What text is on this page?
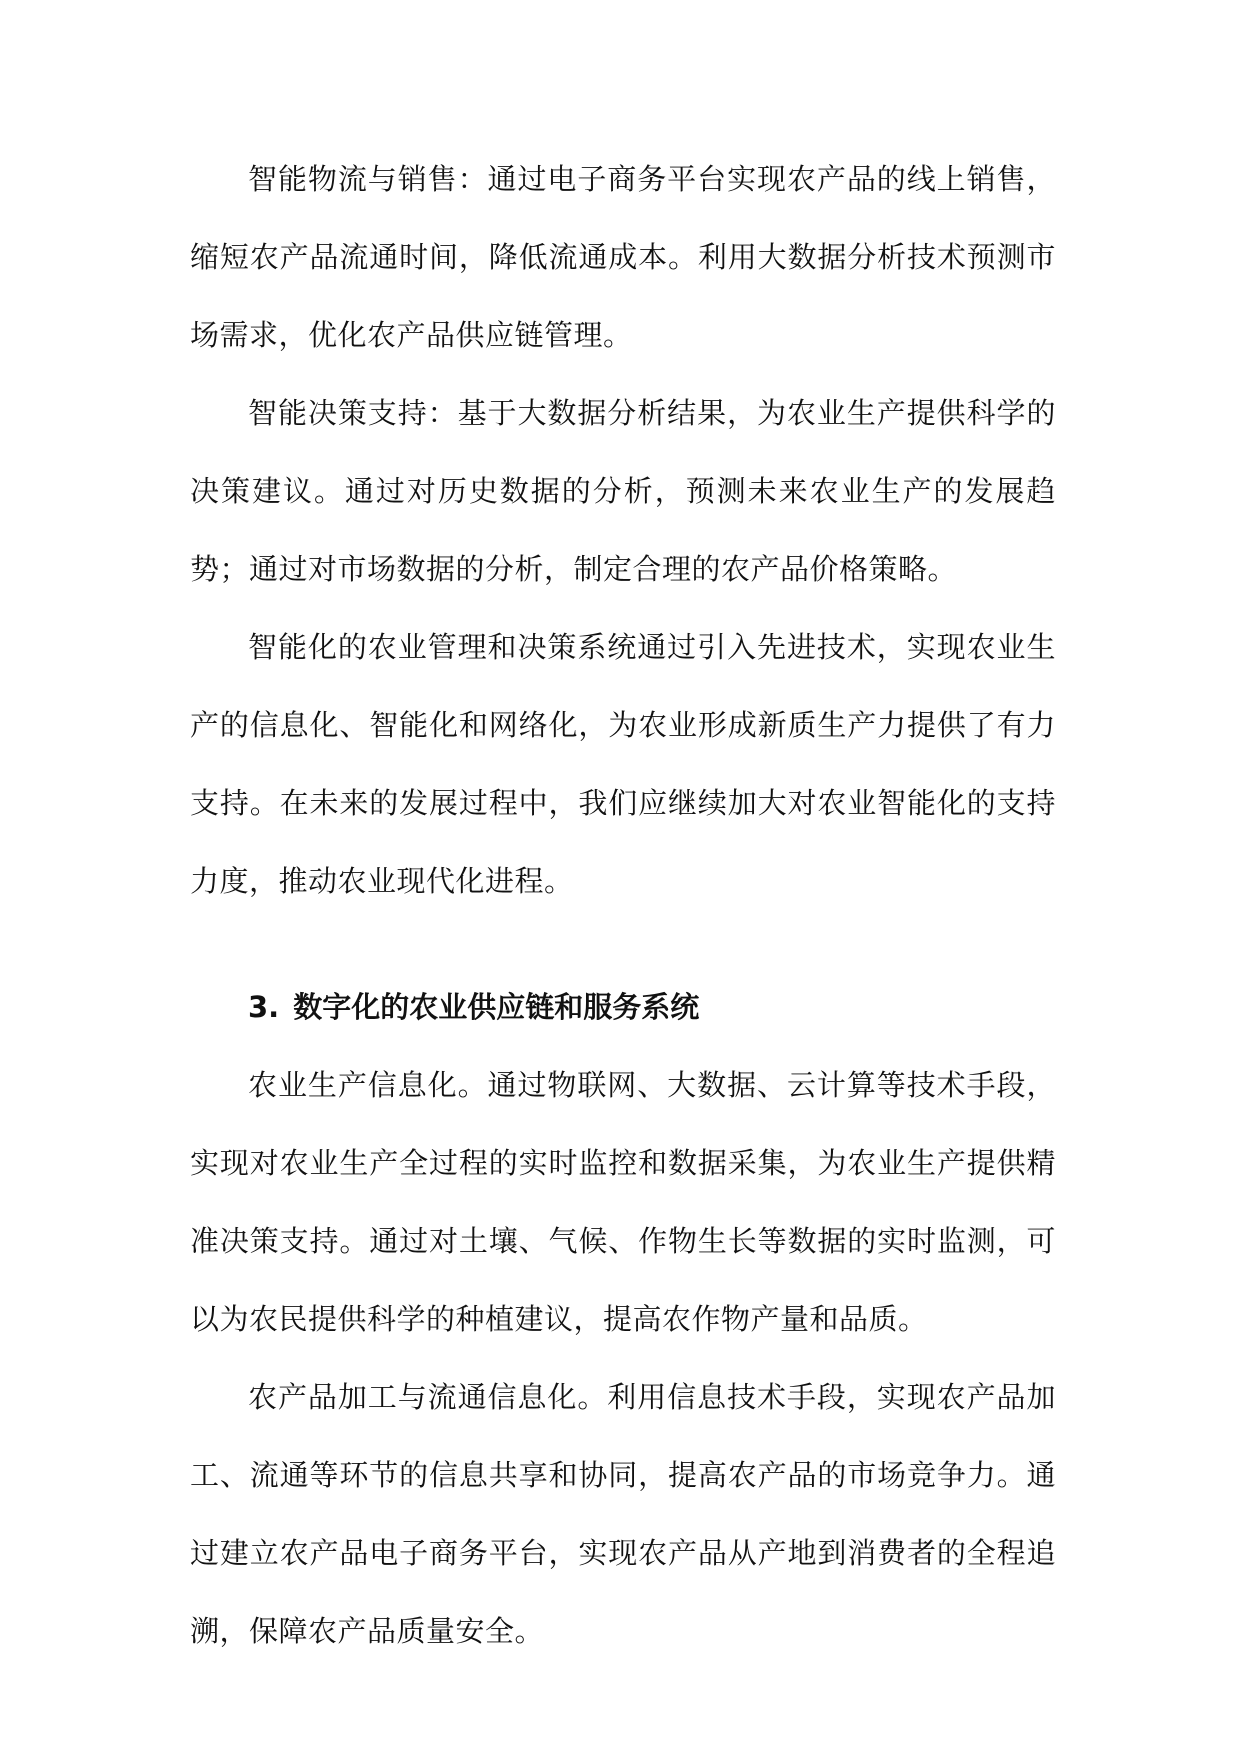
智能物流与销售：通过电子商务平台实现农产品的线上销售，缩短农产品流通时间，降低流通成本。利用大数据分析技术预测市场需求，优化农产品供应链管理。

智能决策支持：基于大数据分析结果，为农业生产提供科学的决策建议。通过对历史数据的分析，预测未来农业生产的发展趋势；通过对市场数据的分析，制定合理的农产品价格策略。

智能化的农业管理和决策系统通过引入先进技术，实现农业生产的信息化、智能化和网络化，为农业形成新质生产力提供了有力支持。在未来的发展过程中，我们应继续加大对农业智能化的支持力度，推动农业现代化进程。

3. 数字化的农业供应链和服务系统

农业生产信息化。通过物联网、大数据、云计算等技术手段，实现对农业生产全过程的实时监控和数据采集，为农业生产提供精准决策支持。通过对土壤、气候、作物生长等数据的实时监测，可以为农民提供科学的种植建议，提高农作物产量和品质。

农产品加工与流通信息化。利用信息技术手段，实现农产品加工、流通等环节的信息共享和协同，提高农产品的市场竞争力。通过建立农产品电子商务平台，实现农产品从产地到消费者的全程追溯，保障农产品质量安全。
